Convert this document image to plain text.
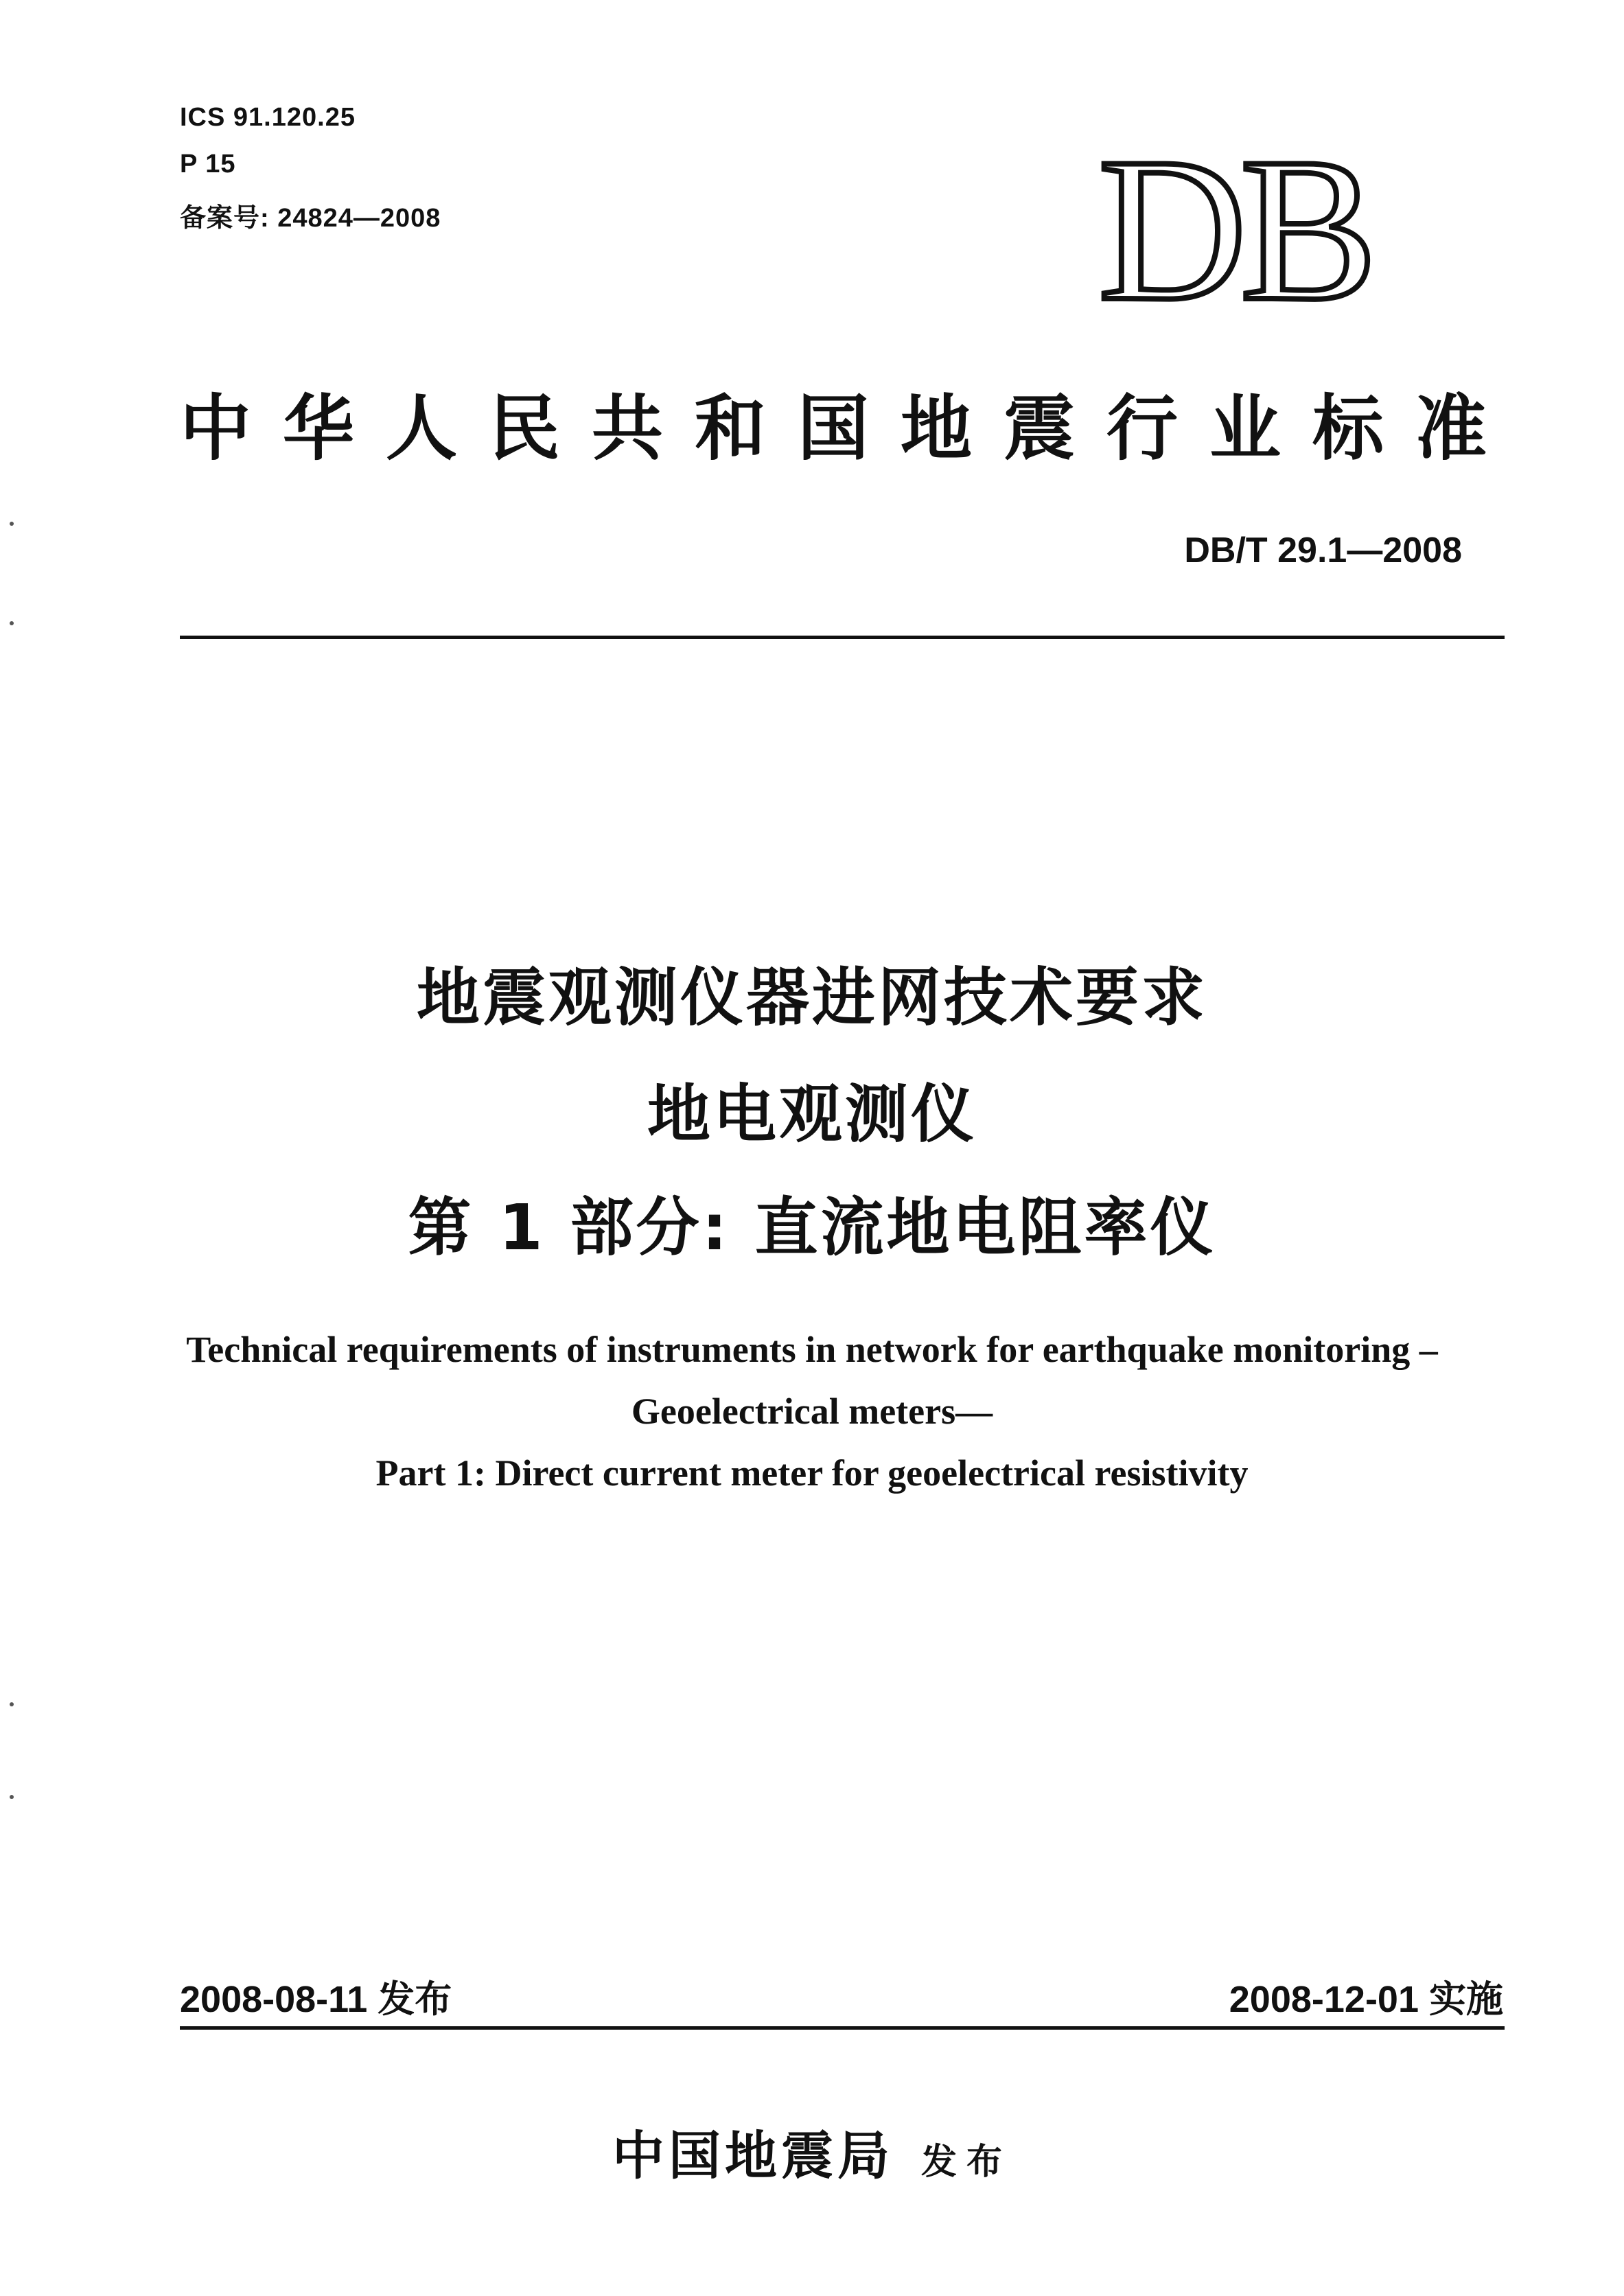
ICS 91.120.25
P 15
备案号: 24824—2008	DB
中华人民共和国地震行业标准
DB/T 29.1—2008
地震观测仪器进网技术要求
地电观测仪
第 1 部分: 直流地电阻率仪
Technical requirements of instruments in network for earthquake monitoring –
Geoelectrical meters—
Part 1: Direct current meter for geoelectrical resistivity
2008-08-11 发布	2008-12-01 实施
中国地震局 发布
